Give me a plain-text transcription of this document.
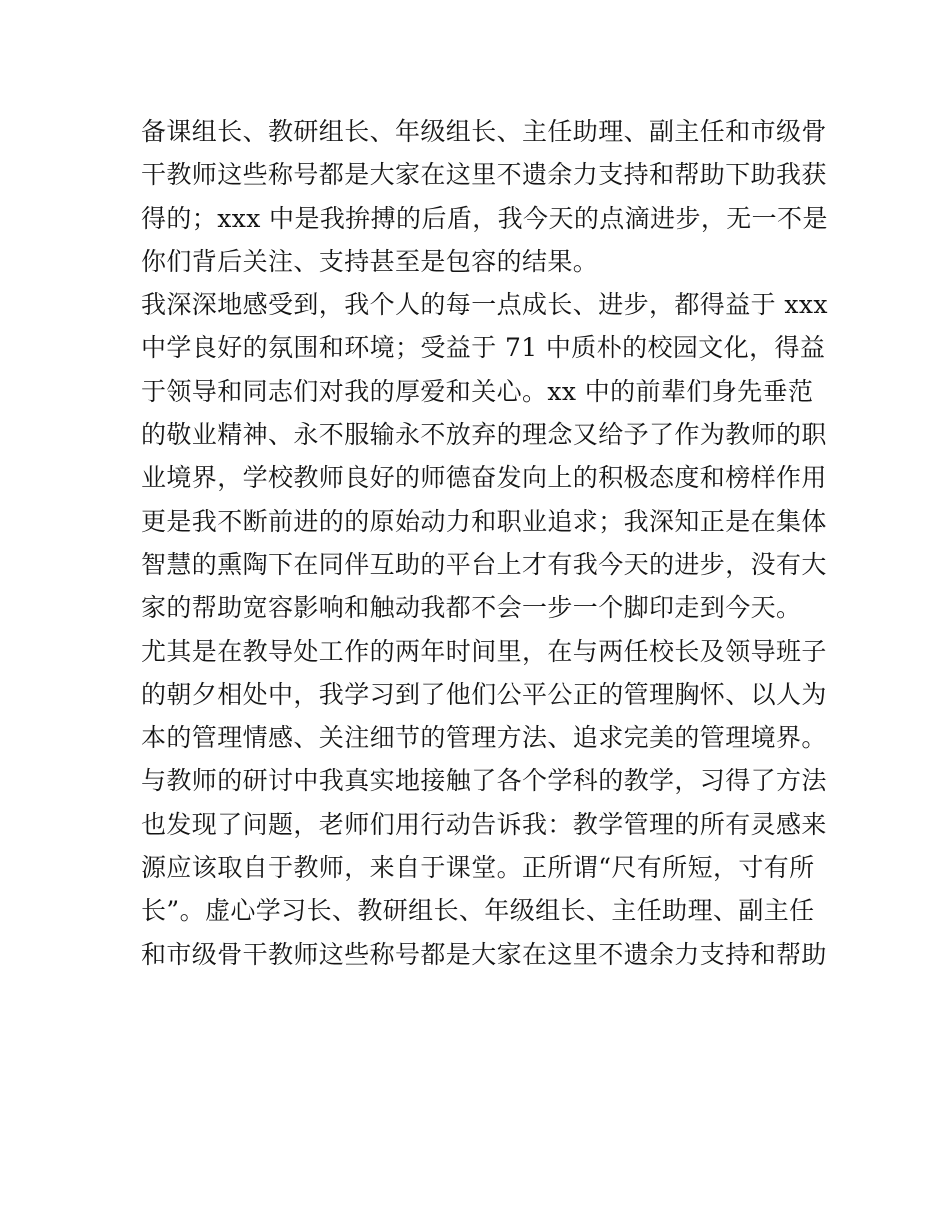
备课组长、教研组长、年级组长、主任助理、副主任和市级骨
干教师这些称号都是大家在这里不遗余力支持和帮助下助我获
得的；xxx 中是我拚搏的后盾，我今天的点滴进步，无一不是
你们背后关注、支持甚至是包容的结果。
我深深地感受到，我个人的每一点成长、进步，都得益于 xxx
中学良好的氛围和环境；受益于 71 中质朴的校园文化，得益
于领导和同志们对我的厚爱和关心。xx 中的前辈们身先垂范
的敬业精神、永不服输永不放弃的理念又给予了作为教师的职
业境界，学校教师良好的师德奋发向上的积极态度和榜样作用
更是我不断前进的的原始动力和职业追求；我深知正是在集体
智慧的熏陶下在同伴互助的平台上才有我今天的进步，没有大
家的帮助宽容影响和触动我都不会一步一个脚印走到今天。
尤其是在教导处工作的两年时间里，在与两任校长及领导班子
的朝夕相处中，我学习到了他们公平公正的管理胸怀、以人为
本的管理情感、关注细节的管理方法、追求完美的管理境界。
与教师的研讨中我真实地接触了各个学科的教学，习得了方法
也发现了问题，老师们用行动告诉我：教学管理的所有灵感来
源应该取自于教师，来自于课堂。正所谓“尺有所短，寸有所
长”。虚心学习长、教研组长、年级组长、主任助理、副主任
和市级骨干教师这些称号都是大家在这里不遗余力支持和帮助
